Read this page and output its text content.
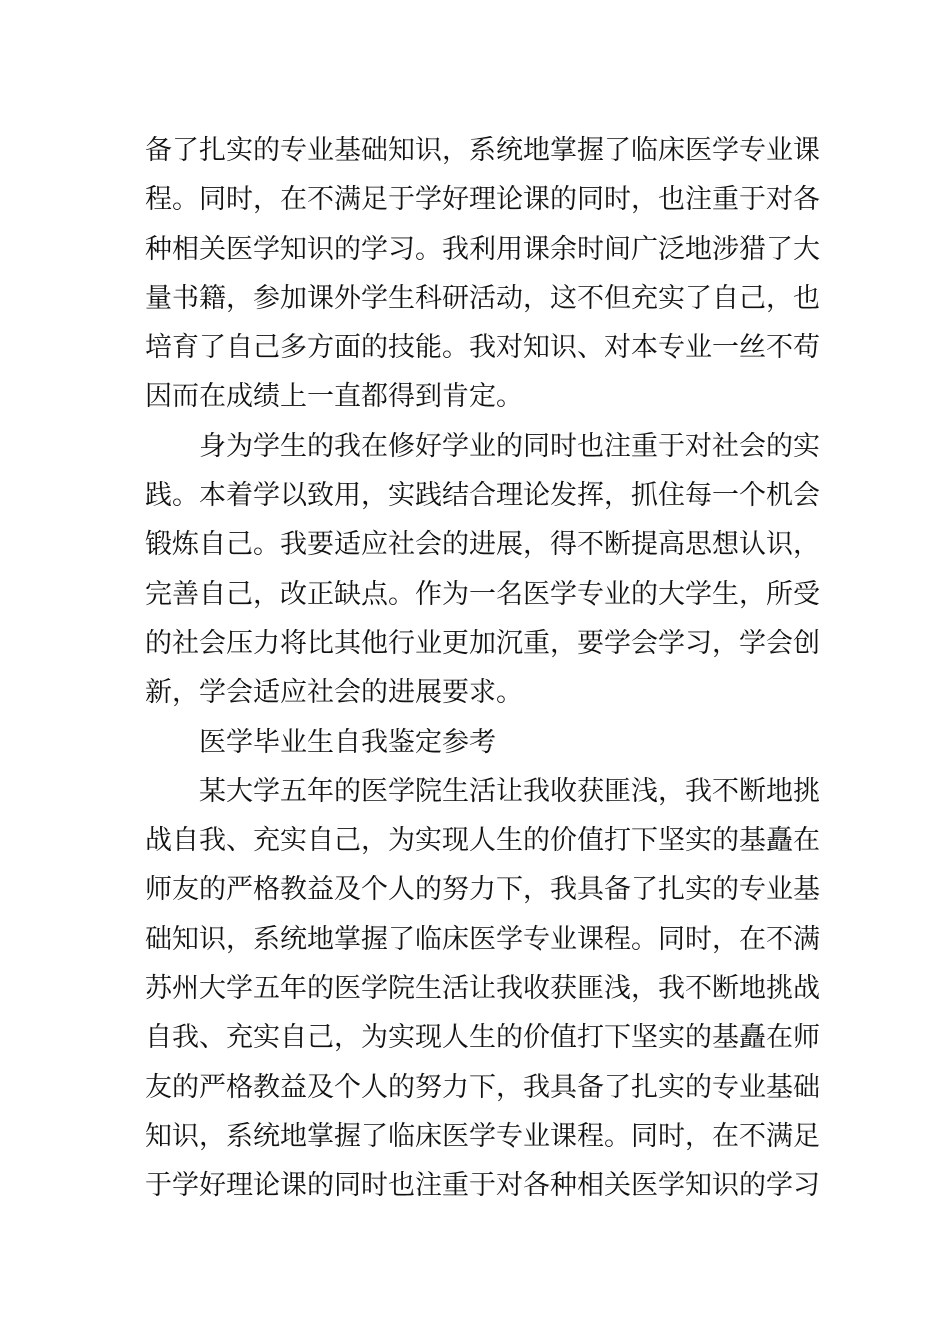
备了扎实的专业基础知识，系统地掌握了临床医学专业课
程。同时，在不满足于学好理论课的同时，也注重于对各
种相关医学知识的学习。我利用课余时间广泛地涉猎了大
量书籍，参加课外学生科研活动，这不但充实了自己，也
培育了自己多方面的技能。我对知识、对本专业一丝不苟
因而在成绩上一直都得到肯定。
身为学生的我在修好学业的同时也注重于对社会的实
践。本着学以致用，实践结合理论发挥，抓住每一个机会
锻炼自己。我要适应社会的进展，得不断提高思想认识，
完善自己，改正缺点。作为一名医学专业的大学生，所受
的社会压力将比其他行业更加沉重，要学会学习，学会创
新，学会适应社会的进展要求。
医学毕业生自我鉴定参考
某大学五年的医学院生活让我收获匪浅，我不断地挑
战自我、充实自己，为实现人生的价值打下坚实的基矗在
师友的严格教益及个人的努力下，我具备了扎实的专业基
础知识，系统地掌握了临床医学专业课程。同时，在不满
苏州大学五年的医学院生活让我收获匪浅，我不断地挑战
自我、充实自己，为实现人生的价值打下坚实的基矗在师
友的严格教益及个人的努力下，我具备了扎实的专业基础
知识，系统地掌握了临床医学专业课程。同时，在不满足
于学好理论课的同时也注重于对各种相关医学知识的学习
